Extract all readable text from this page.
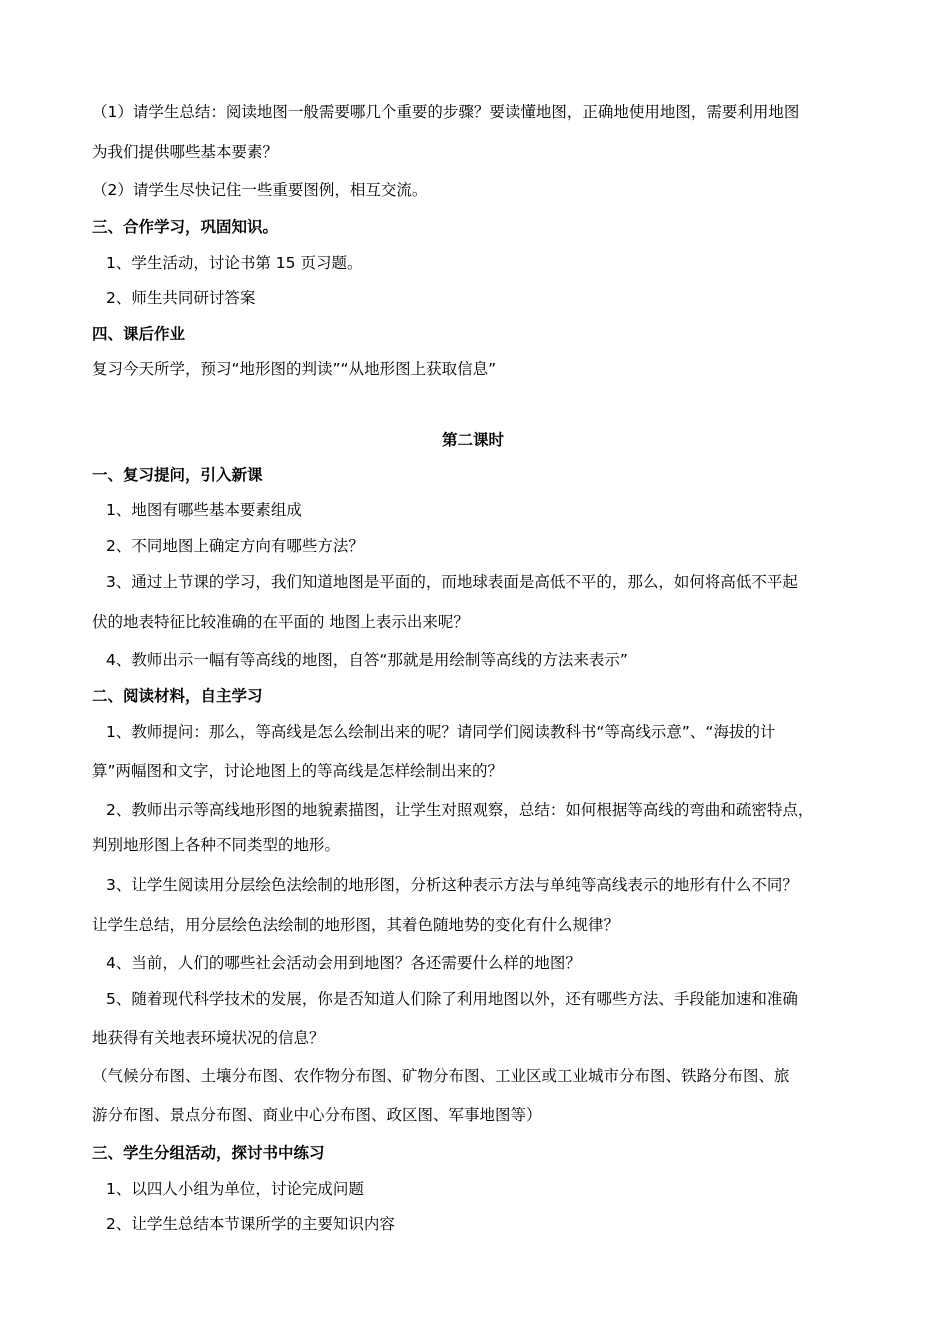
（1）请学生总结：阅读地图一般需要哪几个重要的步骤？要读懂地图，正确地使用地图，需要利用地图
为我们提供哪些基本要素？
（2）请学生尽快记住一些重要图例，相互交流。
三、合作学习，巩固知识。
1、学生活动，讨论书第 15 页习题。
2、师生共同研讨答案
四、课后作业
复习今天所学，预习“地形图的判读”“从地形图上获取信息”
第二课时
一、复习提问，引入新课
1、地图有哪些基本要素组成
2、不同地图上确定方向有哪些方法？
3、通过上节课的学习，我们知道地图是平面的，而地球表面是高低不平的，那么，如何将高低不平起
伏的地表特征比较准确的在平面的 地图上表示出来呢？
4、教师出示一幅有等高线的地图，自答“那就是用绘制等高线的方法来表示”
二、阅读材料，自主学习
1、教师提问：那么，等高线是怎么绘制出来的呢？请同学们阅读教科书“等高线示意”、“海拔的计
算”两幅图和文字，讨论地图上的等高线是怎样绘制出来的？
2、教师出示等高线地形图的地貌素描图，让学生对照观察，总结：如何根据等高线的弯曲和疏密特点，
判别地形图上各种不同类型的地形。
3、让学生阅读用分层绘色法绘制的地形图，分析这种表示方法与单纯等高线表示的地形有什么不同？
让学生总结，用分层绘色法绘制的地形图，其着色随地势的变化有什么规律？
4、当前，人们的哪些社会活动会用到地图？各还需要什么样的地图？
5、随着现代科学技术的发展，你是否知道人们除了利用地图以外，还有哪些方法、手段能加速和准确
地获得有关地表环境状况的信息？
（气候分布图、土壤分布图、农作物分布图、矿物分布图、工业区或工业城市分布图、铁路分布图、旅
游分布图、景点分布图、商业中心分布图、政区图、军事地图等）
三、学生分组活动，探讨书中练习
1、以四人小组为单位，讨论完成问题
2、让学生总结本节课所学的主要知识内容
